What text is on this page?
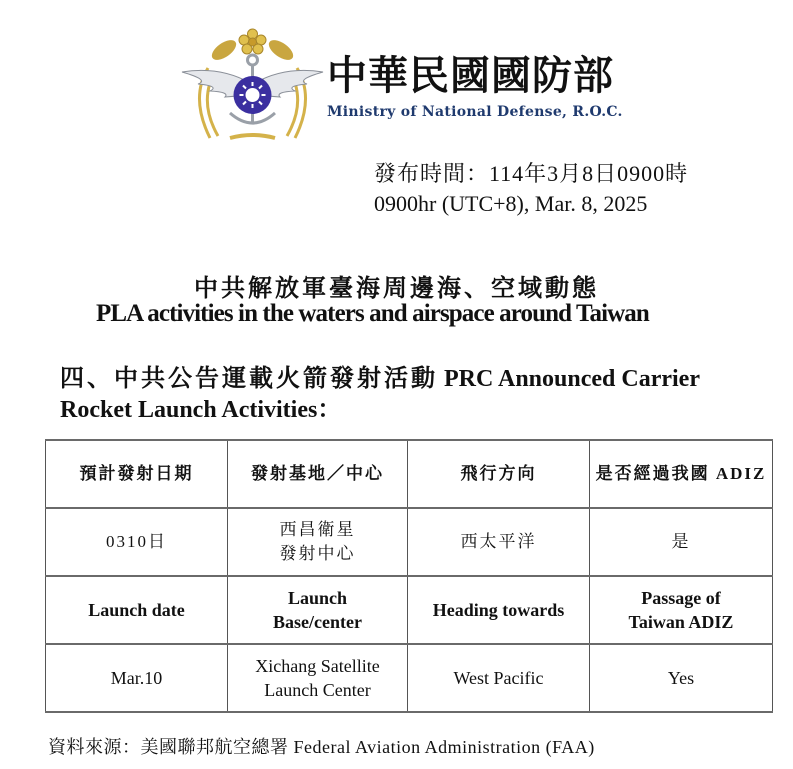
中華民國國防部
Ministry of National Defense, R.O.C.
發布時間：114年3月8日0900時
0900hr (UTC+8), Mar. 8, 2025
中共解放軍臺海周邊海、空域動態
PLA activities in the waters and airspace around Taiwan
四、中共公告運載火箭發射活動 PRC Announced Carrier Rocket Launch Activities：
預計發射日期	發射基地／中心	飛行方向	是否經過我國 ADIZ
0310日	西昌衛星 發射中心	西太平洋	是
Launch date	Launch Base/center	Heading towards	Passage of Taiwan ADIZ
Mar.10	Xichang Satellite Launch Center	West Pacific	Yes
資料來源：美國聯邦航空總署 Federal Aviation Administration (FAA)
